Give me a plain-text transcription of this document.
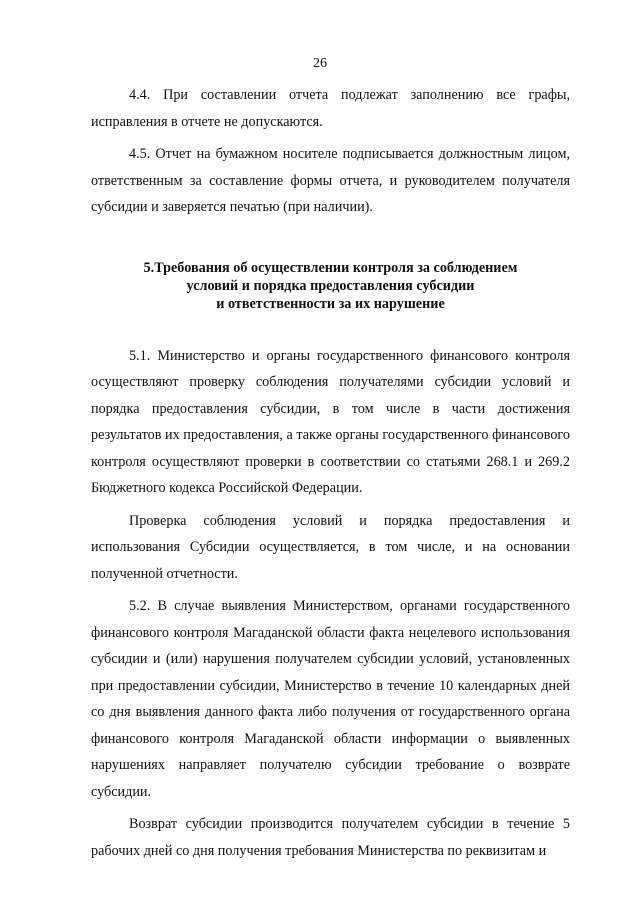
26

4.4. При составлении отчета подлежат заполнению все графы, исправления в отчете не допускаются.

4.5. Отчет на бумажном носителе подписывается должностным лицом, ответственным за составление формы отчета, и руководителем получателя субсидии и заверяется печатью (при наличии).

5.Требования об осуществлении контроля за соблюдением
условий и порядка предоставления субсидии
и ответственности за их нарушение

5.1. Министерство и органы государственного финансового контроля осуществляют проверку соблюдения получателями субсидии условий и порядка предоставления субсидии, в том числе в части достижения результатов их предоставления, а также органы государственного финансового контроля осуществляют проверки в соответствии со статьями 268.1 и 269.2 Бюджетного кодекса Российской Федерации.

Проверка соблюдения условий и порядка предоставления и использования Субсидии осуществляется, в том числе, и на основании полученной отчетности.

5.2. В случае выявления Министерством, органами государственного финансового контроля Магаданской области факта нецелевого использования субсидии и (или) нарушения получателем субсидии условий, установленных при предоставлении субсидии, Министерство в течение 10 календарных дней со дня выявления данного факта либо получения от государственного органа финансового контроля Магаданской области информации о выявленных нарушениях направляет получателю субсидии требование о возврате субсидии.

Возврат субсидии производится получателем субсидии в течение 5 рабочих дней со дня получения требования Министерства по реквизитам и
